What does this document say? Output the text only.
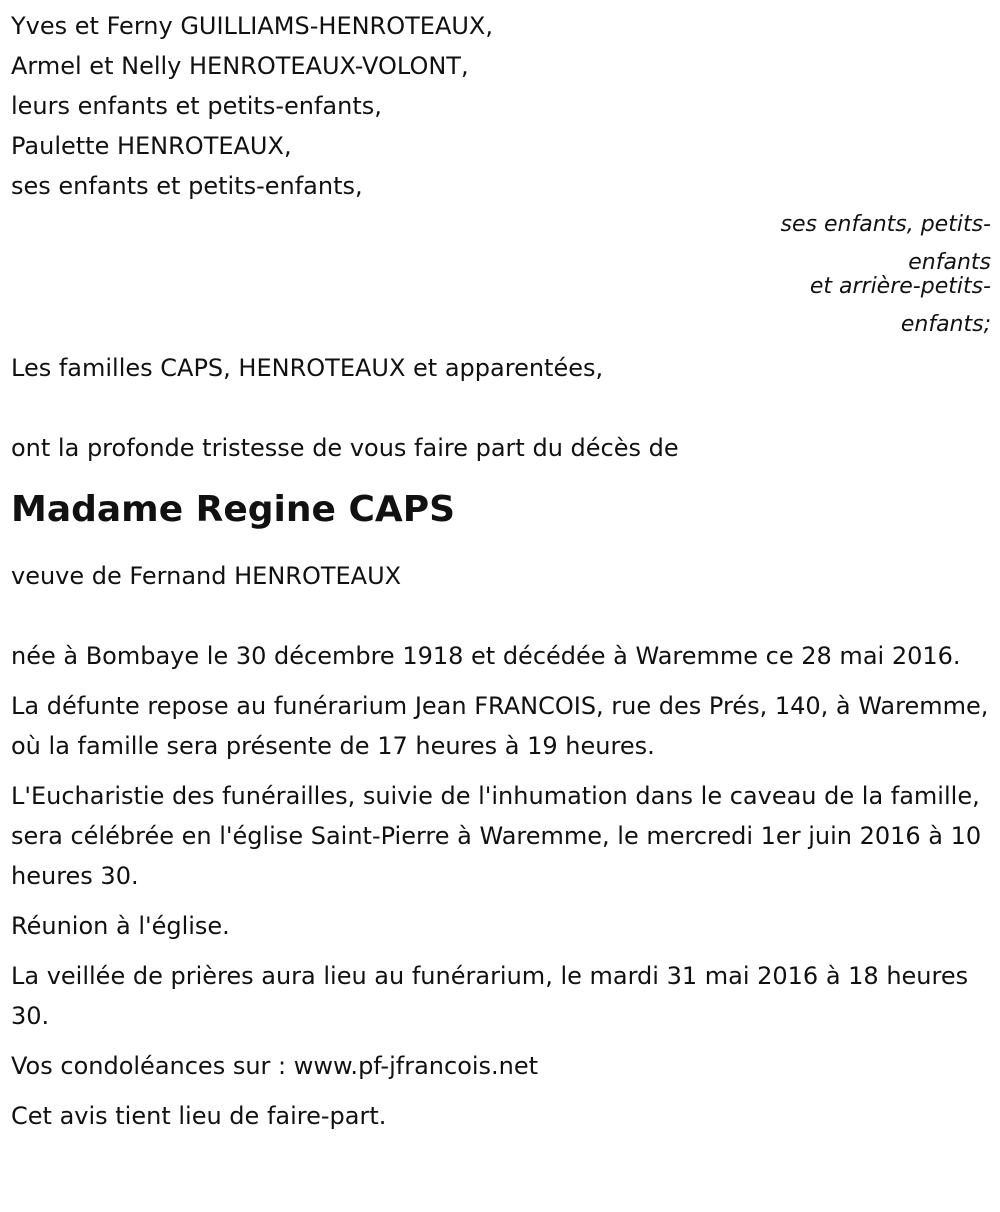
Yves et Ferny GUILLIAMS-HENROTEAUX,
Armel et Nelly HENROTEAUX-VOLONT,
leurs enfants et petits-enfants,
Paulette HENROTEAUX,
ses enfants et petits-enfants,
ses enfants, petits-
enfants
et arrière-petits-
enfants;
Les familles CAPS, HENROTEAUX et apparentées,
ont la profonde tristesse de vous faire part du décès de
Madame Regine CAPS
veuve de Fernand HENROTEAUX
née à Bombaye le 30 décembre 1918 et décédée à Waremme ce 28 mai 2016.
La défunte repose au funérarium Jean FRANCOIS, rue des Prés, 140, à Waremme, où la famille sera présente de 17 heures à 19 heures.
L'Eucharistie des funérailles, suivie de l'inhumation dans le caveau de la famille, sera célébrée en l'église Saint-Pierre à Waremme, le mercredi 1er juin 2016 à 10 heures 30.
Réunion à l'église.
La veillée de prières aura lieu au funérarium, le mardi 31 mai 2016 à 18 heures 30.
Vos condoléances sur : www.pf-jfrancois.net
Cet avis tient lieu de faire-part.
